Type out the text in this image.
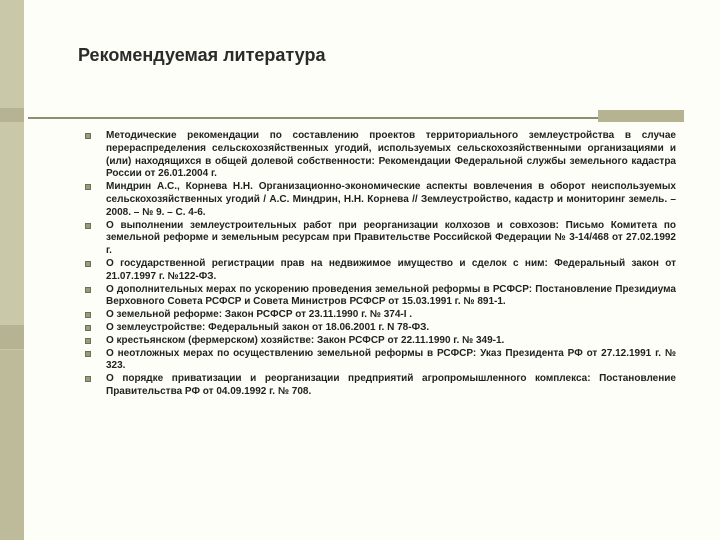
Рекомендуемая литература
Методические рекомендации по составлению проектов территориального землеустройства в случае перераспределения сельскохозяйственных угодий, используемых сельскохозяйственными организациями и (или) находящихся в общей долевой собственности: Рекомендации Федеральной службы земельного кадастра России от 26.01.2004 г.
Миндрин А.С., Корнева Н.Н. Организационно-экономические аспекты вовлечения в оборот неиспользуемых сельскохозяйственных угодий / А.С. Миндрин, Н.Н. Корнева // Землеустройство, кадастр и мониторинг земель. – 2008. – № 9. – С. 4-6.
О выполнении землеустроительных работ при реорганизации колхозов и совхозов: Письмо Комитета по земельной реформе и земельным ресурсам при Правительстве Российской Федерации № 3-14/468 от 27.02.1992 г.
О государственной регистрации прав на недвижимое имущество и сделок с ним: Федеральный закон от 21.07.1997 г. №122-ФЗ.
О дополнительных мерах по ускорению проведения земельной реформы в РСФСР: Постановление Президиума Верховного Совета РСФСР и Совета Министров РСФСР от 15.03.1991 г. № 891-1.
О земельной реформе: Закон РСФСР от 23.11.1990 г. № 374-I .
О землеустройстве: Федеральный закон от 18.06.2001 г. N 78-ФЗ.
О крестьянском (фермерском) хозяйстве: Закон РСФСР от 22.11.1990 г. № 349-1.
О неотложных мерах по осуществлению земельной реформы в РСФСР: Указ Президента РФ от 27.12.1991 г. № 323.
О порядке приватизации и реорганизации предприятий агропромышленного комплекса: Постановление Правительства РФ от 04.09.1992 г. № 708.
